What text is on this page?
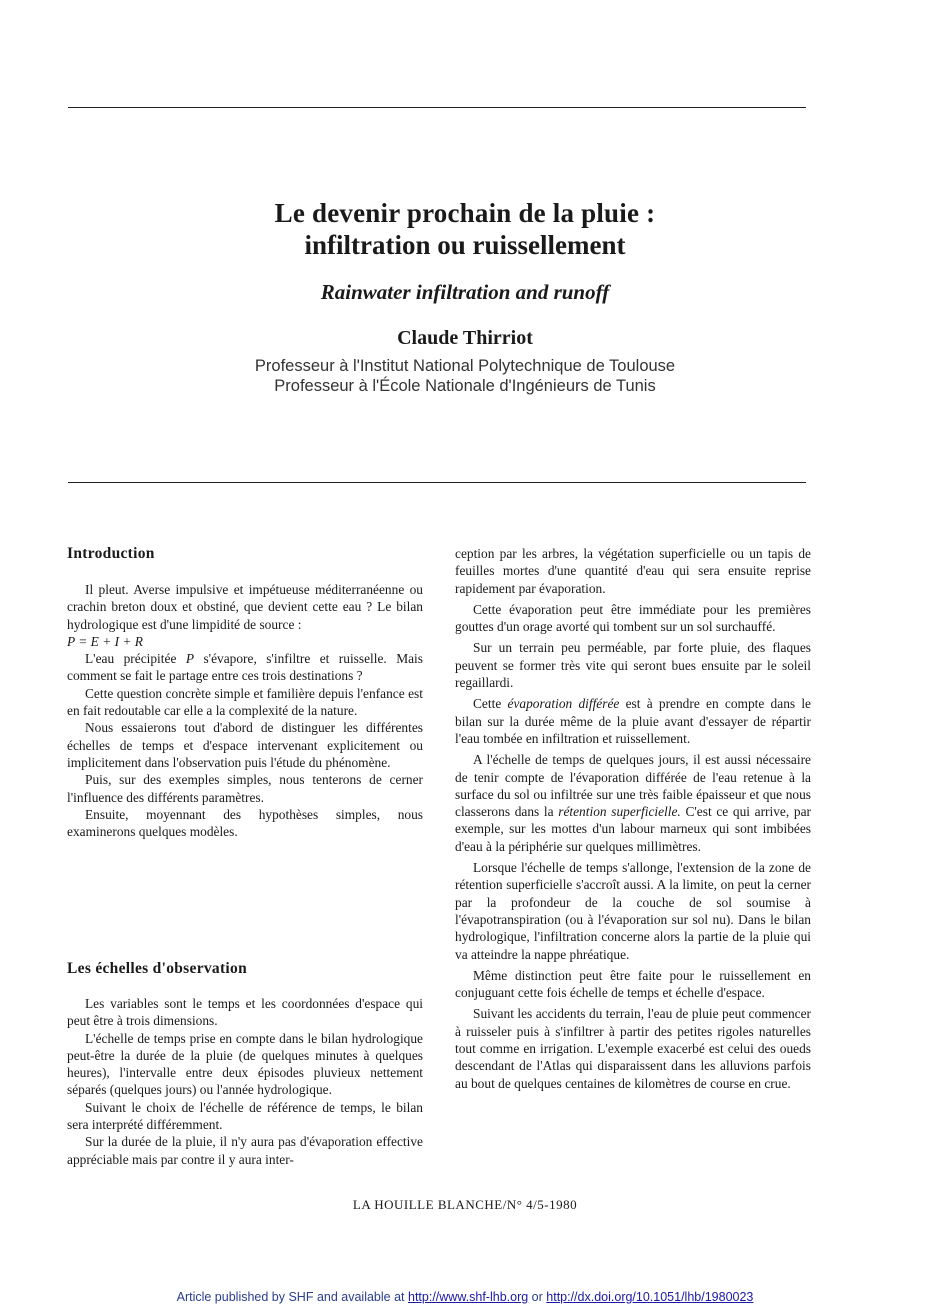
Le devenir prochain de la pluie :
infiltration ou ruissellement
Rainwater infiltration and runoff
Claude Thirriot
Professeur à l'Institut National Polytechnique de Toulouse
Professeur à l'École Nationale d'Ingénieurs de Tunis
Introduction

Il pleut. Averse impulsive et impétueuse méditerranéenne ou crachin breton doux et obstiné, que devient cette eau ? Le bilan hydrologique est d'une limpidité de source :

P = E + I + R

L'eau précipitée P s'évapore, s'infiltre et ruisselle. Mais comment se fait le partage entre ces trois destinations ?

Cette question concrète simple et familière depuis l'enfance est en fait redoutable car elle a la complexité de la nature.

Nous essaierons tout d'abord de distinguer les différentes échelles de temps et d'espace intervenant explicitement ou implicitement dans l'observation puis l'étude du phénomène.

Puis, sur des exemples simples, nous tenterons de cerner l'influence des différents paramètres.

Ensuite, moyennant des hypothèses simples, nous examinerons quelques modèles.

Les échelles d'observation

Les variables sont le temps et les coordonnées d'espace qui peut être à trois dimensions.

L'échelle de temps prise en compte dans le bilan hydrologique peut-être la durée de la pluie (de quelques minutes à quelques heures), l'intervalle entre deux épisodes pluvieux nettement séparés (quelques jours) ou l'année hydrologique.

Suivant le choix de l'échelle de référence de temps, le bilan sera interprété différemment.

Sur la durée de la pluie, il n'y aura pas d'évaporation effective appréciable mais par contre il y aura inter-

ception par les arbres, la végétation superficielle ou un tapis de feuilles mortes d'une quantité d'eau qui sera ensuite reprise rapidement par évaporation.

Cette évaporation peut être immédiate pour les premières gouttes d'un orage avorté qui tombent sur un sol surchauffé.

Sur un terrain peu perméable, par forte pluie, des flaques peuvent se former très vite qui seront bues ensuite par le soleil regaillardi.

Cette évaporation différée est à prendre en compte dans le bilan sur la durée même de la pluie avant d'essayer de répartir l'eau tombée en infiltration et ruissellement.

A l'échelle de temps de quelques jours, il est aussi nécessaire de tenir compte de l'évaporation différée de l'eau retenue à la surface du sol ou infiltrée sur une très faible épaisseur et que nous classerons dans la rétention superficielle. C'est ce qui arrive, par exemple, sur les mottes d'un labour marneux qui sont imbibées d'eau à la périphérie sur quelques millimètres.

Lorsque l'échelle de temps s'allonge, l'extension de la zone de rétention superficielle s'accroît aussi. A la limite, on peut la cerner par la profondeur de la couche de sol soumise à l'évapotranspiration (ou à l'évaporation sur sol nu). Dans le bilan hydrologique, l'infiltration concerne alors la partie de la pluie qui va atteindre la nappe phréatique.

Même distinction peut être faite pour le ruissellement en conjuguant cette fois échelle de temps et échelle d'espace.

Suivant les accidents du terrain, l'eau de pluie peut commencer à ruisseler puis à s'infiltrer à partir des petites rigoles naturelles tout comme en irrigation. L'exemple exacerbé est celui des oueds descendant de l'Atlas qui disparaissent dans les alluvions parfois au bout de quelques centaines de kilomètres de course en crue.

LA HOUILLE BLANCHE/N° 4/5-1980
Article published by SHF and available at http://www.shf-lhb.org or http://dx.doi.org/10.1051/lhb/1980023
